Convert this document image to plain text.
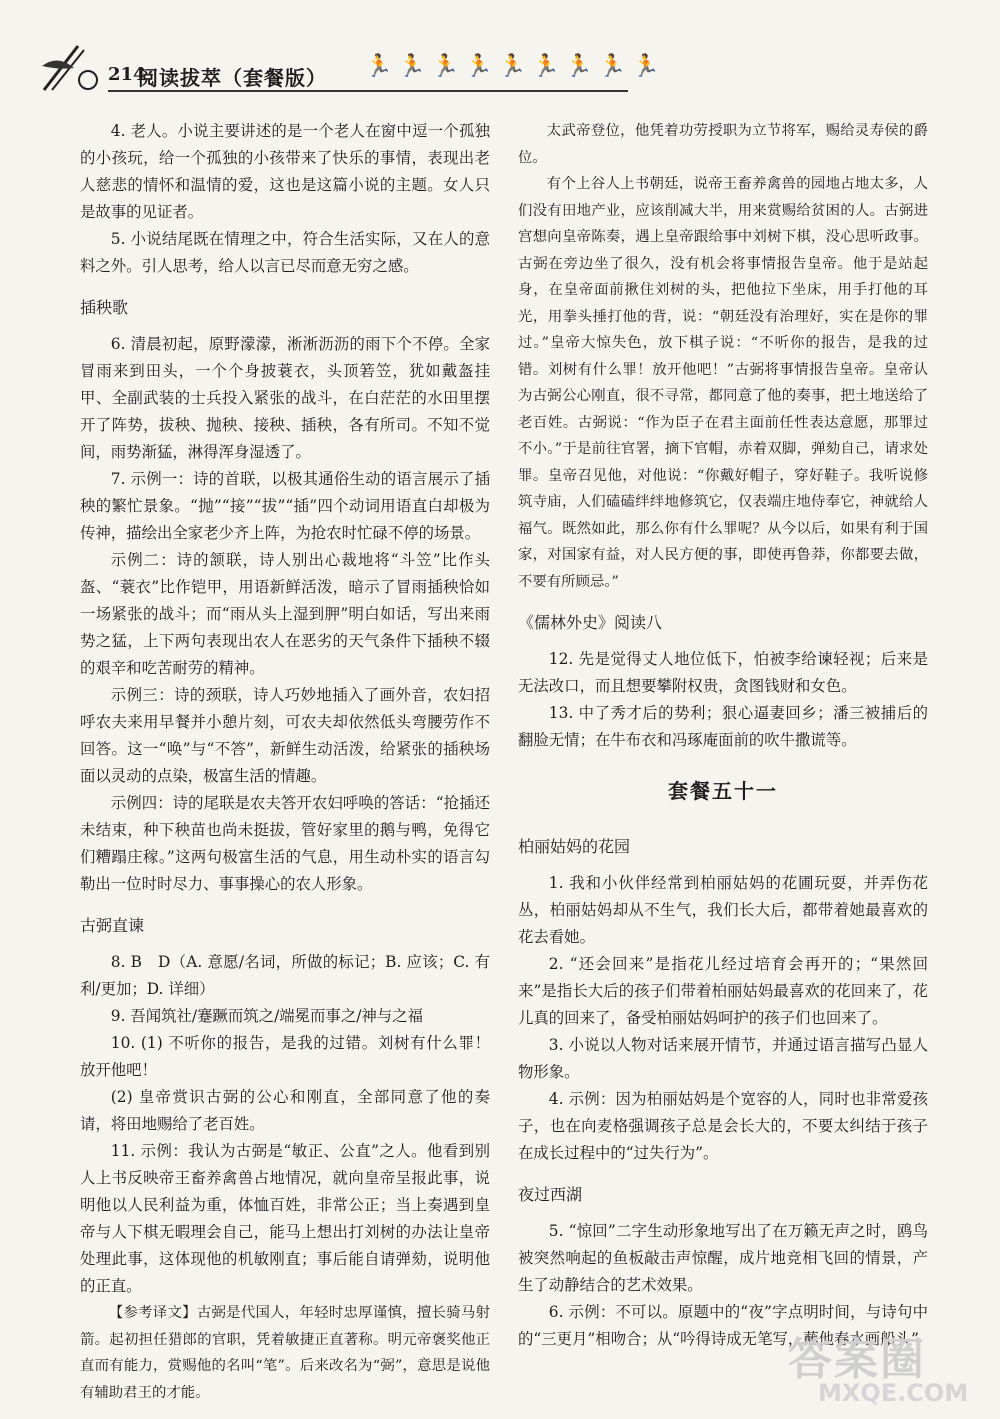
214
阅读拔萃（套餐版） 🏃🏃🏃🏃🏃🏃🏃🏃🏃

4. 老人。小说主要讲述的是一个老人在窗中逗一个孤独的小孩玩，给一个孤独的小孩带来了快乐的事情，表现出老人慈悲的情怀和温情的爱，这也是这篇小说的主题。女人只是故事的见证者。

5. 小说结尾既在情理之中，符合生活实际，又在人的意料之外。引人思考，给人以言已尽而意无穷之感。

插秧歌

6. 清晨初起，原野濛濛，淅淅沥沥的雨下个不停。全家冒雨来到田头，一个个身披蓑衣，头顶箬笠，犹如戴盔挂甲、全副武装的士兵投入紧张的战斗，在白茫茫的水田里摆开了阵势，拔秧、抛秧、接秧、插秧，各有所司。不知不觉间，雨势渐猛，淋得浑身湿透了。

7. 示例一：诗的首联，以极其通俗生动的语言展示了插秧的繁忙景象。“抛”“接”“拔”“插”四个动词用语直白却极为传神，描绘出全家老少齐上阵，为抢农时忙碌不停的场景。

示例二：诗的颔联，诗人别出心裁地将“斗笠”比作头盔、“蓑衣”比作铠甲，用语新鲜活泼，暗示了冒雨插秧恰如一场紧张的战斗；而“雨从头上湿到胛”明白如话，写出来雨势之猛，上下两句表现出农人在恶劣的天气条件下插秧不辍的艰辛和吃苦耐劳的精神。

示例三：诗的颈联，诗人巧妙地插入了画外音，农妇招呼农夫来用早餐并小憩片刻，可农夫却依然低头弯腰劳作不回答。这一“唤”与“不答”，新鲜生动活泼，给紧张的插秧场面以灵动的点染，极富生活的情趣。

示例四：诗的尾联是农夫答开农妇呼唤的答话：“抢插还未结束，种下秧苗也尚未挺拔，管好家里的鹅与鸭，免得它们糟蹋庄稼。”这两句极富生活的气息，用生动朴实的语言勾勒出一位时时尽力、事事操心的农人形象。

古弼直谏

8. B　D（A. 意愿/名词，所做的标记；B. 应该；C. 有利/更加；D. 详细）

9. 吾闻筑社/蹇蹶而筑之/端冕而事之/神与之福

10. (1) 不听你的报告，是我的过错。刘树有什么罪！放开他吧！

(2) 皇帝赏识古弼的公心和刚直，全部同意了他的奏请，将田地赐给了老百姓。

11. 示例：我认为古弼是“敏正、公直”之人。他看到别人上书反映帝王畜养禽兽占地情况，就向皇帝呈报此事，说明他以人民利益为重，体恤百姓，非常公正；当上奏遇到皇帝与人下棋无暇理会自己，能马上想出打刘树的办法让皇帝处理此事，这体现他的机敏刚直；事后能自请弹劾，说明他的正直。

【参考译文】古弼是代国人，年轻时忠厚谨慎，擅长骑马射箭。起初担任猎郎的官职，凭着敏捷正直著称。明元帝褒奖他正直而有能力，赏赐他的名叫“笔”。后来改名为“弼”，意思是说他有辅助君王的才能。

太武帝登位，他凭着功劳授职为立节将军，赐给灵寿侯的爵位。

有个上谷人上书朝廷，说帝王畜养禽兽的园地占地太多，人们没有田地产业，应该削减大半，用来赏赐给贫困的人。古弼进宫想向皇帝陈奏，遇上皇帝跟给事中刘树下棋，没心思听政事。古弼在旁边坐了很久，没有机会将事情报告皇帝。他于是站起身，在皇帝面前揪住刘树的头，把他拉下坐床，用手打他的耳光，用拳头捶打他的背，说：“朝廷没有治理好，实在是你的罪过。”皇帝大惊失色，放下棋子说：“不听你的报告，是我的过错。刘树有什么罪！放开他吧！”古弼将事情报告皇帝。皇帝认为古弼公心刚直，很不寻常，都同意了他的奏事，把土地送给了老百姓。古弼说：“作为臣子在君主面前任性表达意愿，那罪过不小。”于是前往官署，摘下官帽，赤着双脚，弹劾自己，请求处罪。皇帝召见他，对他说：“你戴好帽子，穿好鞋子。我听说修筑寺庙，人们磕磕绊绊地修筑它，仅表端庄地侍奉它，神就给人福气。既然如此，那么你有什么罪呢？从今以后，如果有利于国家，对国家有益，对人民方便的事，即使再鲁莽，你都要去做，不要有所顾忌。”

《儒林外史》阅读八

12. 先是觉得丈人地位低下，怕被李给谏轻视；后来是无法改口，而且想要攀附权贵，贪图钱财和女色。

13. 中了秀才后的势利；狠心逼妻回乡；潘三被捕后的翻脸无情；在牛布衣和冯琢庵面前的吹牛撒谎等。

套餐五十一
柏丽姑妈的花园

1. 我和小伙伴经常到柏丽姑妈的花圃玩耍，并弄伤花丛，柏丽姑妈却从不生气，我们长大后，都带着她最喜欢的花去看她。

2. “还会回来”是指花儿经过培育会再开的；“果然回来”是指长大后的孩子们带着柏丽姑妈最喜欢的花回来了，花儿真的回来了，备受柏丽姑妈呵护的孩子们也回来了。

3. 小说以人物对话来展开情节，并通过语言描写凸显人物形象。

4. 示例：因为柏丽姑妈是个宽容的人，同时也非常爱孩子，也在向麦格强调孩子总是会长大的，不要太纠结于孩子在成长过程中的“过失行为”。

夜过西湖

5. “惊回”二字生动形象地写出了在万籁无声之时，鸥鸟被突然响起的鱼板敲击声惊醒，成片地竞相飞回的情景，产生了动静结合的艺术效果。

6. 示例：不可以。原题中的“夜”字点明时间，与诗句中的“三更月”相吻合；从“吟得诗成无笔写，蘸他春水画船头”

答案圈
MXQE.COM
